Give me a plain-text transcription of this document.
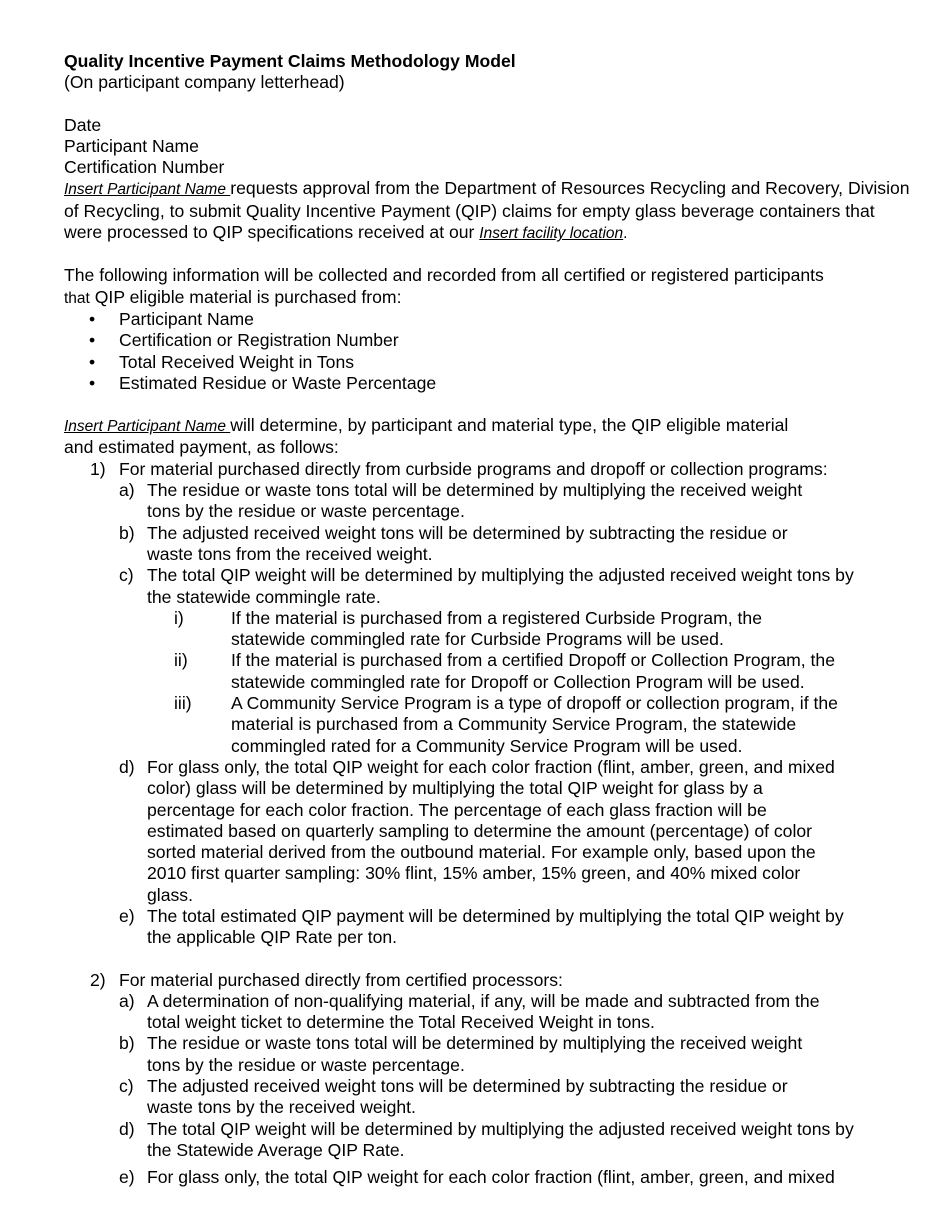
Quality Incentive Payment Claims Methodology Model

(On participant company letterhead)

Date

Participant Name

Certification Number

Insert Participant Name requests approval from the Department of Resources Recycling and Recovery, Division of Recycling, to submit Quality Incentive Payment (QIP) claims for empty glass beverage containers that were processed to QIP specifications received at our Insert facility location.

The following information will be collected and recorded from all certified or registered participants

that QIP eligible material is purchased from:

• Participant Name
• Certification or Registration Number
• Total Received Weight in Tons
• Estimated Residue or Waste Percentage

Insert Participant Name will determine, by participant and material type, the QIP eligible material

and estimated payment, as follows:

1) For material purchased directly from curbside programs and dropoff or collection programs:
a) The residue or waste tons total will be determined by multiplying the received weight
tons by the residue or waste percentage.
b) The adjusted received weight tons will be determined by subtracting the residue or
waste tons from the received weight.
c) The total QIP weight will be determined by multiplying the adjusted received weight tons by
the statewide commingle rate.
i)	If the material is purchased from a registered Curbside Program, the
statewide commingled rate for Curbside Programs will be used.
ii) If the material is purchased from a certified Dropoff or Collection Program, the
statewide commingled rate for Dropoff or Collection Program will be used.
iii) A Community Service Program is a type of dropoff or collection program, if the
material is purchased from a Community Service Program, the statewide
commingled rated for a Community Service Program will be used.
d) For glass only, the total QIP weight for each color fraction (flint, amber, green, and mixed
color) glass will be determined by multiplying the total QIP weight for glass by a
percentage for each color fraction. The percentage of each glass fraction will be
estimated based on quarterly sampling to determine the amount (percentage) of color
sorted material derived from the outbound material. For example only, based upon the
2010 first quarter sampling: 30% flint, 15% amber, 15% green, and 40% mixed color
glass.
e) The total estimated QIP payment will be determined by multiplying the total QIP weight by
the applicable QIP Rate per ton.
2) For material purchased directly from certified processors:
a) A determination of non-qualifying material, if any, will be made and subtracted from the
total weight ticket to determine the Total Received Weight in tons.
b) The residue or waste tons total will be determined by multiplying the received weight
tons by the residue or waste percentage.
c) The adjusted received weight tons will be determined by subtracting the residue or
waste tons by the received weight.
d) The total QIP weight will be determined by multiplying the adjusted received weight tons by
the Statewide Average QIP Rate.
e) For glass only, the total QIP weight for each color fraction (flint, amber, green, and mixed
